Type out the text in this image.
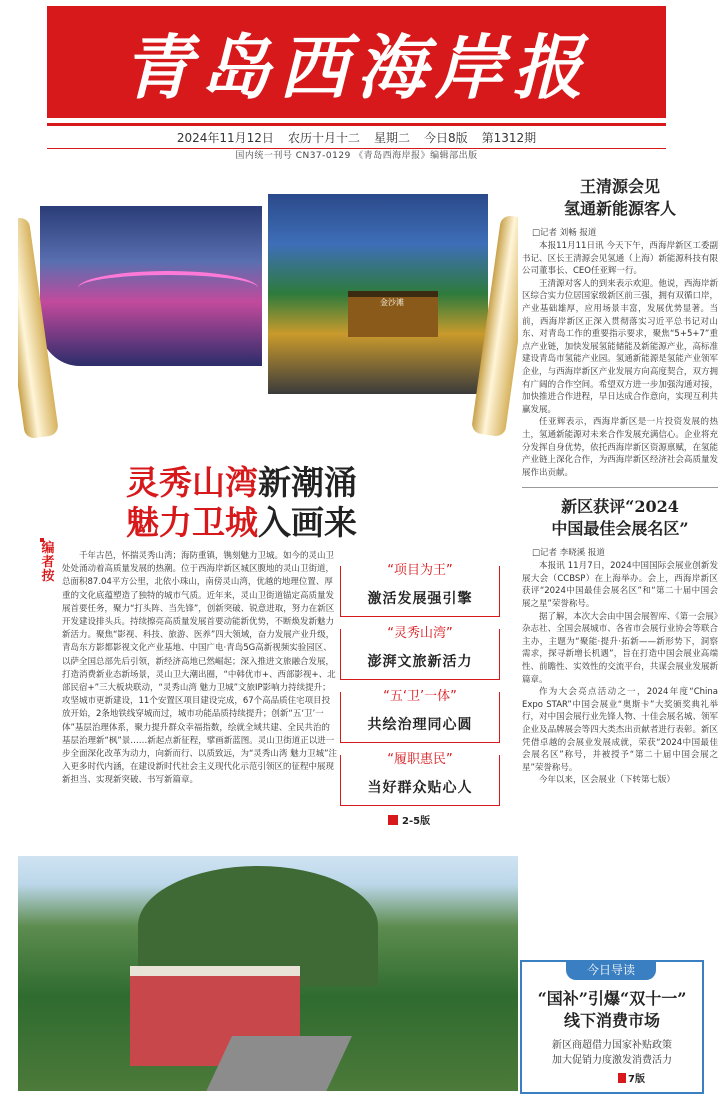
青岛西海岸报
2024年11月12日 农历十月十二 星期二 今日8版 第1312期
国内统一刊号 CN37-0129 《青岛西海岸报》编辑部出版
金沙滩
灵秀山湾新潮涌
魅力卫城入画来
编者按
千年古邑，怀揣灵秀山湾；海防重镇，镌刻魅力卫城。如今的灵山卫处处涌动着高质量发展的热潮。位于西海岸新区城区腹地的灵山卫街道，总面积87.04平方公里，北依小珠山，南傍灵山湾，优越的地理位置、厚重的文化底蕴塑造了独特的城市气质。近年来，灵山卫街道锚定高质量发展首要任务，聚力“打头阵、当先锋”，创新突破、锐意进取，努力在新区开发建设排头兵。持续擦亮高质量发展首要动能新优势，不断焕发新魅力新活力。聚焦“影视、科技、旅游、医养”四大领域，奋力发展产业升级，青岛东方影都影视文化产业基地、中国广电·青岛5G高新视频实验园区、以萨全国总部先后引领，新经济高地已然崛起；深入推进文旅融合发展，打造消费新业态新场景，灵山卫大潮出圈，“中韩优市+、西部影视+、北部民宿+”三大板块联动，“灵秀山湾 魅力卫城”文旅IP影响力持续提升；攻坚城市更新建设，11个安置区项目建设完成，67个高品质住宅项目投放开始，2条地铁线穿城而过，城市功能品质持续提升；创新“五‘卫’一体”基层治理体系，聚力提升群众幸福指数，绘就全域共建、全民共治的基层治理新“枫”景……新起点新征程，擘画新蓝图。灵山卫街道正以进一步全面深化改革为动力，向新而行、以质致远，为“灵秀山湾 魅力卫城”注入更多时代内涵，在建设新时代社会主义现代化示范引领区的征程中展现新担当、实现新突破、书写新篇章。
“项目为王”
激活发展强引擎
“灵秀山湾”
澎湃文旅新活力
“五‘卫’一体”
共绘治理同心圆
“履职惠民”
当好群众贴心人
2-5版
王清源会见
氢通新能源客人
□记者 刘畅 报道

本报11月11日讯 今天下午，西海岸新区工委副书记、区长王清源会见氢通（上海）新能源科技有限公司董事长、CEO任亚辉一行。

王清源对客人的到来表示欢迎。他说，西海岸新区综合实力位居国家级新区前三强，拥有双循口岸，产业基础雄厚，应用场景丰富，发展优势显著。当前，西海岸新区正深入贯彻落实习近平总书记对山东、对青岛工作的重要指示要求，聚焦“5+5+7”重点产业链，加快发展氢能储能及新能源产业，高标准建设青岛市氢能产业园。氢通新能源是氢能产业领军企业，与西海岸新区产业发展方向高度契合，双方拥有广阔的合作空间。希望双方进一步加强沟通对接，加快推进合作进程，早日达成合作意向，实现互利共赢发展。

任亚辉表示，西海岸新区是一片投资发展的热土，氢通新能源对未来合作发展充满信心。企业将充分发挥自身优势，依托西海岸新区资源禀赋，在氢能产业链上深化合作，为西海岸新区经济社会高质量发展作出贡献。

新区获评“2024
中国最佳会展名区”
□记者 李晓溪 报道

本报讯 11月7日，2024中国国际会展业创新发展大会（CCBSP）在上海举办。会上，西海岸新区获评“2024中国最佳会展名区”和“第二十届中国会展之星”荣誉称号。

据了解，本次大会由中国会展智库、《第一会展》杂志社、全国会展城市、各省市会展行业协会等联合主办，主题为“聚能·提升·拓新——新形势下，洞察需求，探寻新增长机遇”，旨在打造中国会展业高端性、前瞻性、实效性的交流平台，共谋会展业发展新篇章。

作为大会亮点活动之一，2024年度“China Expo STAR”中国会展业“奥斯卡”大奖颁奖典礼举行，对中国会展行业先锋人物、十佳会展名城、领军企业及品牌展会等四大类杰出贡献者进行表彰。新区凭借卓越的会展业发展成就，荣获“2024中国最佳会展名区”称号，并被授予“第二十届中国会展之星”荣誉称号。

今年以来，区会展业（下转第七版）

今日导读
“国补”引爆“双十一”
线下消费市场
新区商超借力国家补贴政策
加大促销力度激发消费活力
7版
